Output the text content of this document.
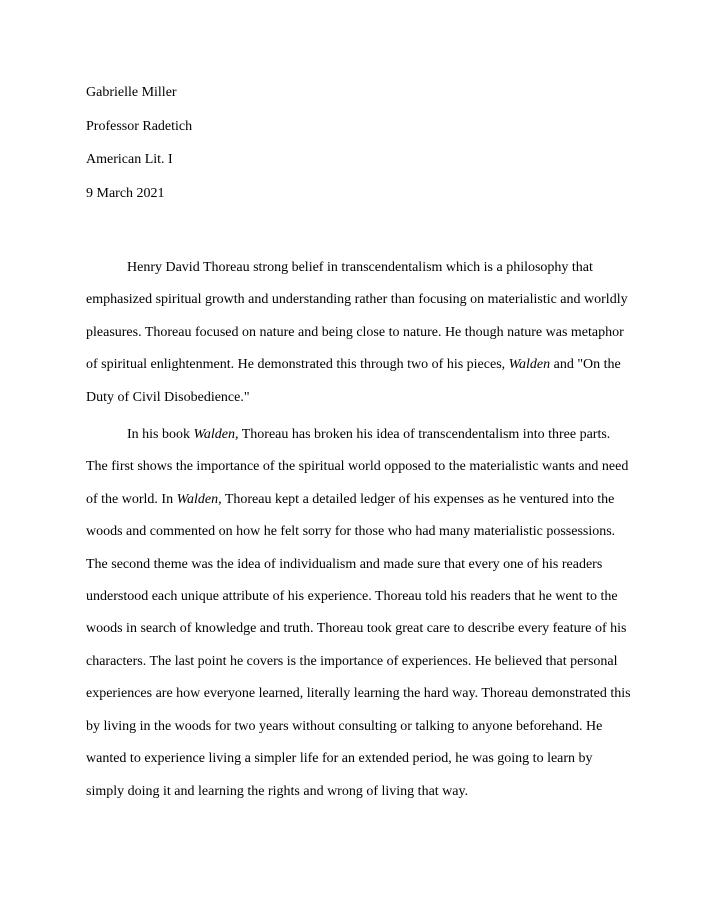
Gabrielle Miller
Professor Radetich
American Lit. I
9 March 2021
Henry David Thoreau strong belief in transcendentalism which is a philosophy that
emphasized spiritual growth and understanding rather than focusing on materialistic and worldly
pleasures. Thoreau focused on nature and being close to nature. He though nature was metaphor
of spiritual enlightenment. He demonstrated this through two of his pieces, Walden and "On the
Duty of Civil Disobedience."
In his book Walden, Thoreau has broken his idea of transcendentalism into three parts.
The first shows the importance of the spiritual world opposed to the materialistic wants and need
of the world. In Walden, Thoreau kept a detailed ledger of his expenses as he ventured into the
woods and commented on how he felt sorry for those who had many materialistic possessions.
The second theme was the idea of individualism and made sure that every one of his readers
understood each unique attribute of his experience. Thoreau told his readers that he went to the
woods in search of knowledge and truth. Thoreau took great care to describe every feature of his
characters. The last point he covers is the importance of experiences. He believed that personal
experiences are how everyone learned, literally learning the hard way. Thoreau demonstrated this
by living in the woods for two years without consulting or talking to anyone beforehand. He
wanted to experience living a simpler life for an extended period, he was going to learn by
simply doing it and learning the rights and wrong of living that way.
